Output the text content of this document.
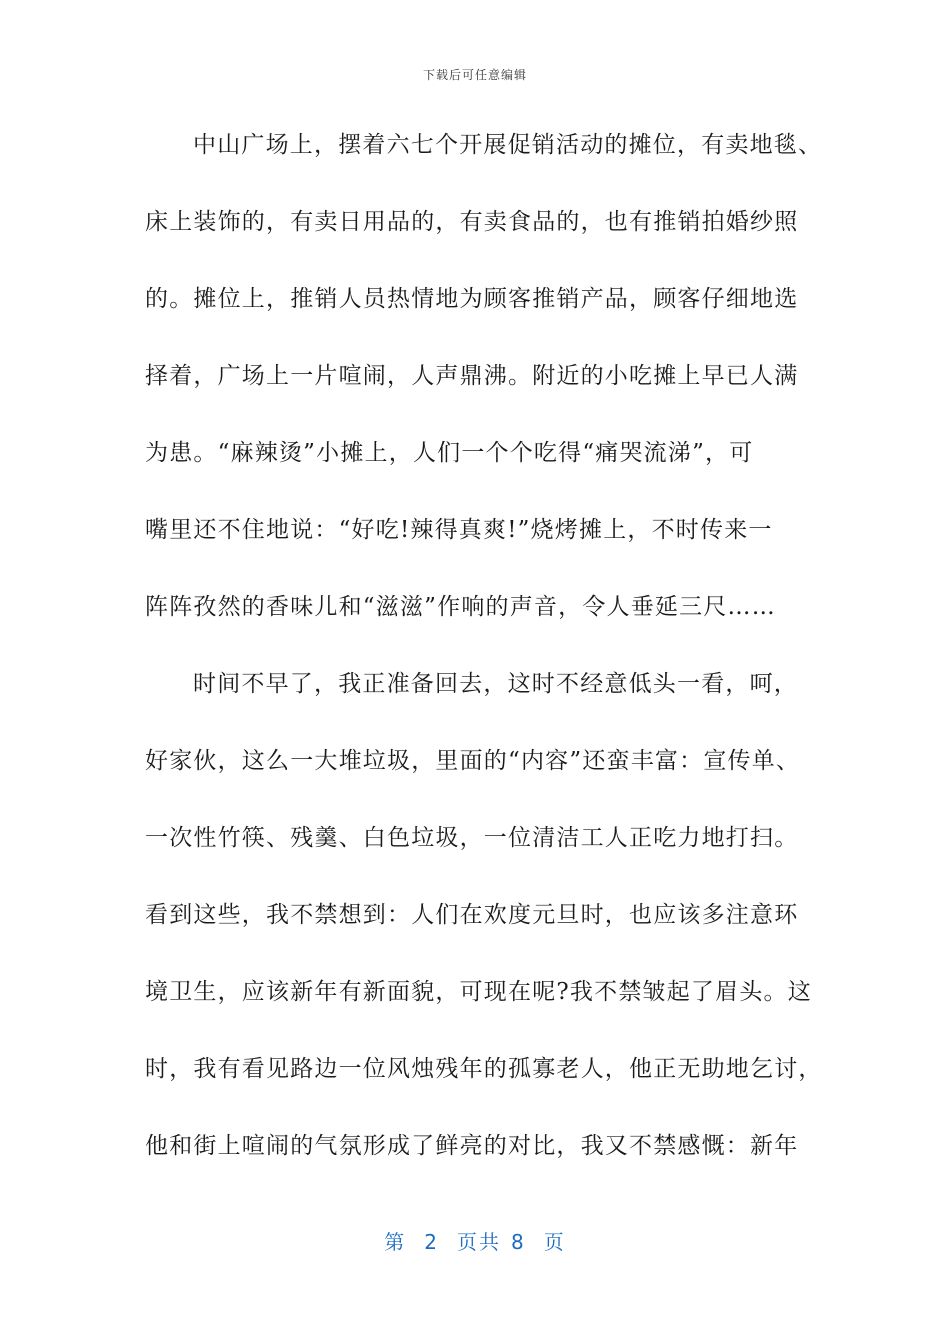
下载后可任意编辑
中山广场上，摆着六七个开展促销活动的摊位，有卖地毯、
床上装饰的，有卖日用品的，有卖食品的，也有推销拍婚纱照
的。摊位上，推销人员热情地为顾客推销产品，顾客仔细地选
择着，广场上一片喧闹，人声鼎沸。附近的小吃摊上早已人满
为患。“麻辣烫”小摊上，人们一个个吃得“痛哭流涕”，可
嘴里还不住地说：“好吃!辣得真爽!”烧烤摊上，不时传来一
阵阵孜然的香味儿和“滋滋”作响的声音，令人垂延三尺……
时间不早了，我正准备回去，这时不经意低头一看，呵，
好家伙，这么一大堆垃圾，里面的“内容”还蛮丰富：宣传单、
一次性竹筷、残羹、白色垃圾，一位清洁工人正吃力地打扫。
看到这些，我不禁想到：人们在欢度元旦时，也应该多注意环
境卫生，应该新年有新面貌，可现在呢?我不禁皱起了眉头。这
时，我有看见路边一位风烛残年的孤寡老人，他正无助地乞讨，
他和街上喧闹的气氛形成了鲜亮的对比，我又不禁感慨：新年
第 2 页共 8 页
